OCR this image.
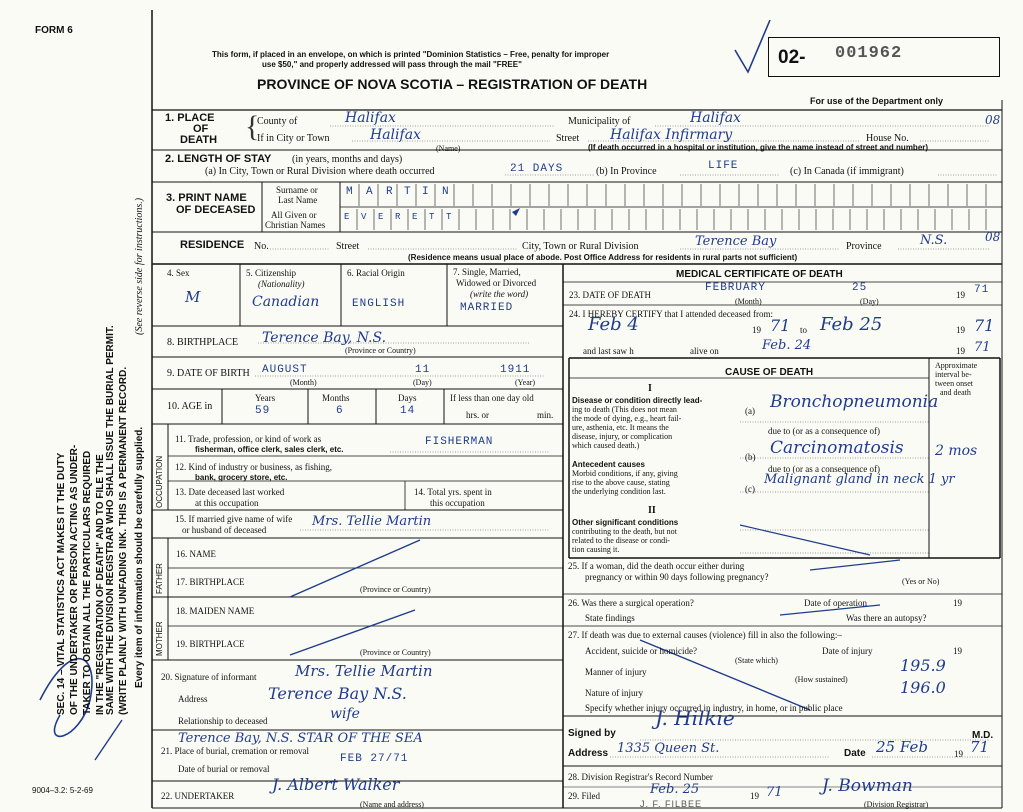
02- 001962
For use of the Department only
08
08
FORM 6
This form, if placed in an envelope, on which is printed "Dominion Statistics – Free, penalty for improper
use $50," and properly addressed will pass through the mail "FREE"
PROVINCE OF NOVA SCOTIA – REGISTRATION OF DEATH
SEC. 14 – VITAL STATISTICS ACT MAKES IT THE DUTY OF THE UNDERTAKER OR PERSON ACTING AS UNDER- TAKER TO OBTAIN ALL THE PARTICULARS REQUIRED IN THE "REGISTRATION OF DEATH" AND TO FILE THE SAME WITH THE DIVISION REGISTRAR WHO SHALL ISSUE THE BURIAL PERMIT. (WRITE PLAINLY WITH UNFADING INK. THIS IS A PERMANENT RECORD.
(See reverse side for instructions.)
Every item of information should be carefully supplied.
9004–3.2: 5-2-69
1. PLACE
OF
DEATH {
County of	Halifax	Municipality of	Halifax
If in City or Town	Halifax
(Name)
Street Halifax Infirmary	House No.
(If death occurred in a hospital or institution, give the name instead of street and number)
2. LENGTH OF STAY (in years, months and days)
(a) In City, Town or Rural Division where death occurred	21 DAYS	(b) In Province	LIFE	(c) In Canada (if immigrant)
3. PRINT NAME
OF DECEASED
Surname or
Last Name
All Given or
Christian Names
M A R T I N
E V E R E T T
RESIDENCE No.	Street	City, Town or Rural Division	Terence Bay	Province	N.S.
(Residence means usual place of abode. Post Office Address for residents in rural parts not sufficient)
4. Sex
M
5. Citizenship
(Nationality)
Canadian
6. Racial Origin
ENGLISH
7. Single, Married,
Widowed or Divorced
(write the word)
MARRIED
8. BIRTHPLACE Terence Bay, N.S.
(Province or Country)
9. DATE OF BIRTH AUGUST	11	1911
(Month)	(Day)	(Year)
10. AGE in
Years	Months	Days
59	6	14
If less than one day old
hrs. or	min.
OCCUPATION
11. Trade, profession, or kind of work as
fisherman, office clerk, sales clerk, etc.
FISHERMAN
12. Kind of industry or business, as fishing,
bank, grocery store, etc.
13. Date deceased last worked
at this occupation
14. Total yrs. spent in
this occupation
15. If married give name of wife
or husband of deceased
Mrs. Tellie Martin
FATHER
16. NAME
17. BIRTHPLACE
(Province or Country)
MOTHER
18. MAIDEN NAME
19. BIRTHPLACE
(Province or Country)
20. Signature of informant	Mrs. Tellie Martin
Address	Terence Bay N.S.
Relationship to deceased	wife
Terence Bay, N.S. STAR OF THE SEA
21. Place of burial, cremation or removal
Date of burial or removal
FEB 27/71
22. UNDERTAKER
J. Albert Walker
(Name and address)
MEDICAL CERTIFICATE OF DEATH
23. DATE OF DEATH
FEBRUARY	25
19 71
(Month)	(Day)
24. I HEREBY CERTIFY that I attended deceased from:
Feb 4	19 71 to Feb 25	19 71
and last saw h	alive on	Feb. 24	19 71
CAUSE OF DEATH
Approximate
interval be-
tween onset
and death
I
Disease or condition directly lead-
ing to death (This does not mean
the mode of dying, e.g., heart fail-
ure, asthenia, etc. It means the
disease, injury, or complication
which caused death.)
(a) Bronchopneumonia
due to (or as a consequence of)
Antecedent causes
Morbid conditions, if any, giving
rise to the above cause, stating
the underlying condition last.
(b) Carcinomatosis 2 mos
due to (or as a consequence of)
(c)
Malignant gland in neck 1 yr
II
Other significant conditions
contributing to the death, but not
related to the disease or condi-
tion causing it.
25. If a woman, did the death occur either during
pregnancy or within 90 days following pregnancy?	(Yes or No)
26. Was there a surgical operation?	Date of operation	19
State findings	Was there an autopsy?
27. If death was due to external causes (violence) fill in also the following:–
Accident, suicide or homicide?	Date of injury	19
(State which)
Manner of injury	195.9
(How sustained)
Nature of injury	196.0
Specify whether injury occurred in industry, in home, or in public place
Signed by
J. Hilkie
M.D.
Address 1335 Queen St.	Date 25 Feb	19 71
28. Division Registrar's Record Number
29. Filed	Feb. 25	19 71
J. F. FILBEE
J. Bowman
(Division Registrar)
